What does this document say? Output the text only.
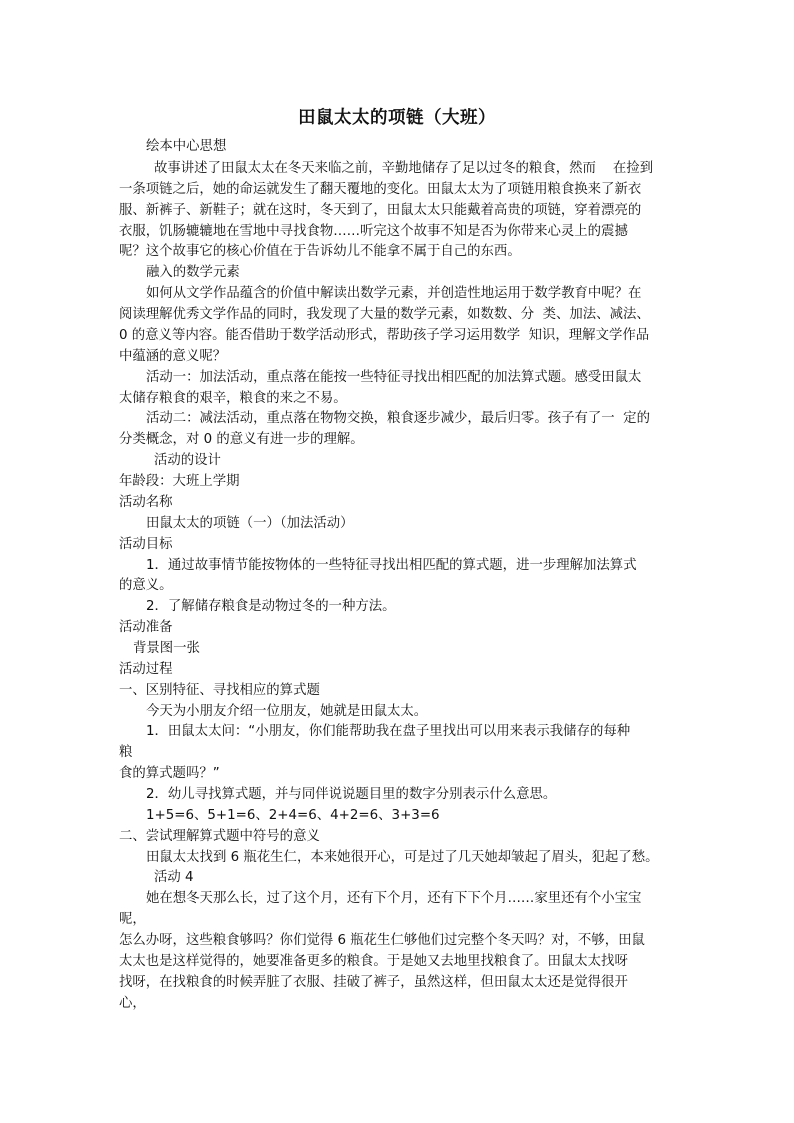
田鼠太太的项链（大班）
绘本中心思想
故事讲述了田鼠太太在冬天来临之前，辛勤地储存了足以过冬的粮食，然而    在捡到
一条项链之后，她的命运就发生了翻天覆地的变化。田鼠太太为了项链用粮食换来了新衣
服、新裤子、新鞋子；就在这时，冬天到了，田鼠太太只能戴着高贵的项链，穿着漂亮的
衣服，饥肠辘辘地在雪地中寻找食物……听完这个故事不知是否为你带来心灵上的震撼
呢？这个故事它的核心价值在于告诉幼儿不能拿不属于自己的东西。
融入的数学元素
如何从文学作品蕴含的价值中解读出数学元素，并创造性地运用于数学教育中呢？在
阅读理解优秀文学作品的同时，我发现了大量的数学元素，如数数、分  类、加法、减法、
0 的意义等内容。能否借助于数学活动形式，帮助孩子学习运用数学  知识，理解文学作品
中蕴涵的意义呢？
活动一：加法活动，重点落在能按一些特征寻找出相匹配的加法算式题。感受田鼠太
太储存粮食的艰辛，粮食的来之不易。
活动二：减法活动，重点落在物物交换，粮食逐步减少，最后归零。孩子有了一  定的
分类概念，对 0 的意义有进一步的理解。
活动的设计
年龄段：大班上学期
活动名称
田鼠太太的项链（一）（加法活动）
活动目标
1．通过故事情节能按物体的一些特征寻找出相匹配的算式题，进一步理解加法算式
的意义。
2．了解储存粮食是动物过冬的一种方法。
活动准备
背景图一张
活动过程
一、区别特征、寻找相应的算式题
今天为小朋友介绍一位朋友，她就是田鼠太太。
1．田鼠太太问：“小朋友，你们能帮助我在盘子里找出可以用来表示我储存的每种
粮
食的算式题吗？”
2．幼儿寻找算式题，并与同伴说说题目里的数字分别表示什么意思。
1+5=6、5+1=6、2+4=6、4+2=6、3+3=6
二、尝试理解算式题中符号的意义
田鼠太太找到 6 瓶花生仁，本来她很开心，可是过了几天她却皱起了眉头，犯起了愁。
活动 4
她在想冬天那么长，过了这个月，还有下个月，还有下下个月……家里还有个小宝宝
呢，
怎么办呀，这些粮食够吗？你们觉得 6 瓶花生仁够他们过完整个冬天吗？对，不够，田鼠
太太也是这样觉得的，她要准备更多的粮食。于是她又去地里找粮食了。田鼠太太找呀
找呀，在找粮食的时候弄脏了衣服、挂破了裤子，虽然这样，但田鼠太太还是觉得很开
心，
